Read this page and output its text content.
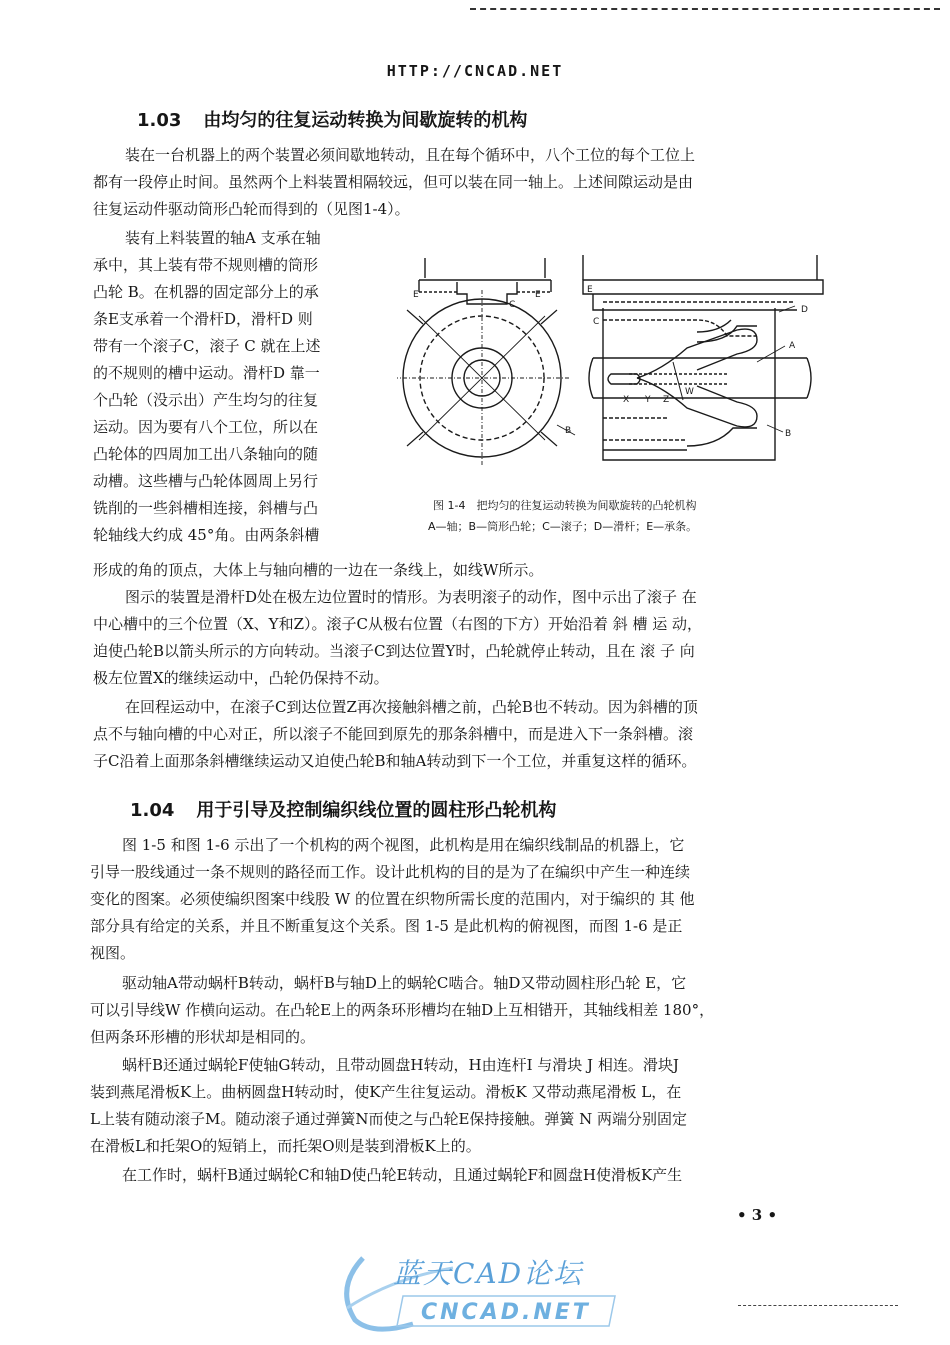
HTTP://CNCAD.NET
1.03 由均匀的往复运动转换为间歇旋转的机构
装在一台机器上的两个装置必须间歇地转动，且在每个循环中，八个工位的每个工位上
都有一段停止时间。虽然两个上料装置相隔较远，但可以装在同一轴上。上述间隙运动是由
往复运动件驱动筒形凸轮而得到的（见图1-4）。
装有上料装置的轴A 支承在轴
承中，其上装有带不规则槽的筒形
凸轮 B。在机器的固定部分上的承
条E支承着一个滑杆D，滑杆D 则
带有一个滚子C，滚子 C 就在上述
的不规则的槽中运动。滑杆D 靠一
个凸轮（没示出）产生均匀的往复
运动。因为要有八个工位，所以在
凸轮体的四周加工出八条轴向的随
动槽。这些槽与凸轮体圆周上另行
铣削的一些斜槽相连接，斜槽与凸
轮轴线大约成 45°角。由两条斜槽
形成的角的顶点，大体上与轴向槽的一边在一条线上，如线W所示。
E	E
C
B
E
D
C
A
X Y Z
W
B
图 1-4　把均匀的往复运动转换为间歇旋转的凸轮机构
A—轴；B—筒形凸轮；C—滚子；D—滑杆；E—承条。
图示的装置是滑杆D处在极左边位置时的情形。为表明滚子的动作，图中示出了滚子 在
中心槽中的三个位置（X、Y和Z）。滚子C从极右位置（右图的下方）开始沿着 斜 槽 运 动，
迫使凸轮B以箭头所示的方向转动。当滚子C到达位置Y时，凸轮就停止转动，且在 滚 子 向
极左位置X的继续运动中，凸轮仍保持不动。
在回程运动中，在滚子C到达位置Z再次接触斜槽之前，凸轮B也不转动。因为斜槽的顶
点不与轴向槽的中心对正，所以滚子不能回到原先的那条斜槽中，而是进入下一条斜槽。滚
子C沿着上面那条斜槽继续运动又迫使凸轮B和轴A转动到下一个工位，并重复这样的循环。
1.04 用于引导及控制编织线位置的圆柱形凸轮机构
图 1-5 和图 1-6 示出了一个机构的两个视图，此机构是用在编织线制品的机器上，它
引导一股线通过一条不规则的路径而工作。设计此机构的目的是为了在编织中产生一种连续
变化的图案。必须使编织图案中线股 W 的位置在织物所需长度的范围内，对于编织的 其 他
部分具有给定的关系，并且不断重复这个关系。图 1-5 是此机构的俯视图，而图 1-6 是正
视图。
驱动轴A带动蜗杆B转动，蜗杆B与轴D上的蜗轮C啮合。轴D又带动圆柱形凸轮 E，它
可以引导线W 作横向运动。在凸轮E上的两条环形槽均在轴D上互相错开，其轴线相差 180°，
但两条环形槽的形状却是相同的。
蜗杆B还通过蜗轮F使轴G转动，且带动圆盘H转动，H由连杆I 与滑块 J 相连。滑块J
装到燕尾滑板K上。曲柄圆盘H转动时，使K产生往复运动。滑板K 又带动燕尾滑板 L，在
L上装有随动滚子M。随动滚子通过弹簧N而使之与凸轮E保持接触。弹簧 N 两端分别固定
在滑板L和托架O的短销上，而托架O则是装到滑板K上的。
在工作时，蜗杆B通过蜗轮C和轴D使凸轮E转动，且通过蜗轮F和圆盘H使滑板K产生
• 3 •
蓝天CAD论坛
CNCAD.NET
